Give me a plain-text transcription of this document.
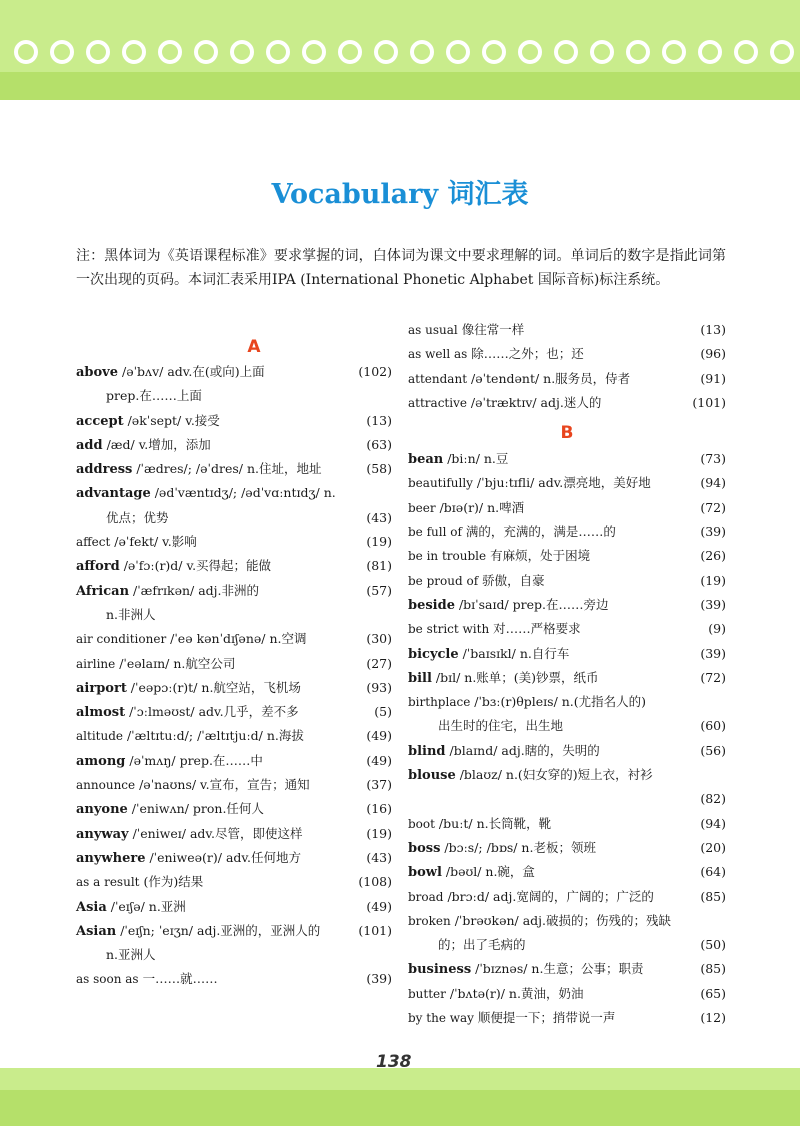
Vocabulary 词汇表
注：黑体词为《英语课程标准》要求掌握的词，白体词为课文中要求理解的词。单词后的数字是指此词第一次出现的页码。本词汇表采用IPA (International Phonetic Alphabet 国际音标)标注系统。
A
above /əˈbʌv/ adv.在(或向)上面	(102)
prep.在……上面
accept /əkˈsept/ v.接受	(13)
add /æd/ v.增加，添加	(63)
address /ˈædres/; /əˈdres/ n.住址，地址	(58)
advantage /ədˈvæntɪdʒ/; /ədˈvɑːntɪdʒ/ n.
优点；优势	(43)
affect /əˈfekt/ v.影响	(19)
afford /əˈfɔː(r)d/ v.买得起；能做	(81)
African /ˈæfrɪkən/ adj.非洲的	(57)
n.非洲人
air conditioner /ˈeə kənˈdɪʃənə/ n.空调	(30)
airline /ˈeəlaɪn/ n.航空公司	(27)
airport /ˈeəpɔː(r)t/ n.航空站，飞机场	(93)
almost /ˈɔːlməʊst/ adv.几乎，差不多	(5)
altitude /ˈæltɪtuːd/; /ˈæltɪtjuːd/ n.海拔	(49)
among /əˈmʌŋ/ prep.在……中	(49)
announce /əˈnaʊns/ v.宣布，宣告；通知	(37)
anyone /ˈeniwʌn/ pron.任何人	(16)
anyway /ˈeniweɪ/ adv.尽管，即使这样	(19)
anywhere /ˈeniweə(r)/ adv.任何地方	(43)
as a result (作为)结果	(108)
Asia /ˈeɪʃə/ n.亚洲	(49)
Asian /ˈeɪʃn; ˈeɪʒn/ adj.亚洲的，亚洲人的	(101)
n.亚洲人
as soon as 一……就……	(39)
as usual 像往常一样	(13)
as well as 除……之外；也；还	(96)
attendant /əˈtendənt/ n.服务员，侍者	(91)
attractive /əˈtræktɪv/ adj.迷人的	(101)
B
bean /biːn/ n.豆	(73)
beautifully /ˈbjuːtɪfli/ adv.漂亮地，美好地	(94)
beer /bɪə(r)/ n.啤酒	(72)
be full of 满的，充满的，满是……的	(39)
be in trouble 有麻烦，处于困境	(26)
be proud of 骄傲，自豪	(19)
beside /bɪˈsaɪd/ prep.在……旁边	(39)
be strict with 对……严格要求	(9)
bicycle /ˈbaɪsɪkl/ n.自行车	(39)
bill /bɪl/ n.账单；(美)钞票，纸币	(72)
birthplace /ˈbɜː(r)θpleɪs/ n.(尤指名人的)
出生时的住宅，出生地	(60)
blind /blaɪnd/ adj.瞎的，失明的	(56)
blouse /blaʊz/ n.(妇女穿的)短上衣，衬衫
(82)
boot /buːt/ n.长筒靴，靴	(94)
boss /bɔːs/; /bɒs/ n.老板；领班	(20)
bowl /bəʊl/ n.碗，盒	(64)
broad /brɔːd/ adj.宽阔的，广阔的；广泛的	(85)
broken /ˈbrəʊkən/ adj.破损的；伤残的；残缺
的；出了毛病的	(50)
business /ˈbɪznəs/ n.生意；公事；职责	(85)
butter /ˈbʌtə(r)/ n.黄油，奶油	(65)
by the way 顺便提一下；捎带说一声	(12)
138
